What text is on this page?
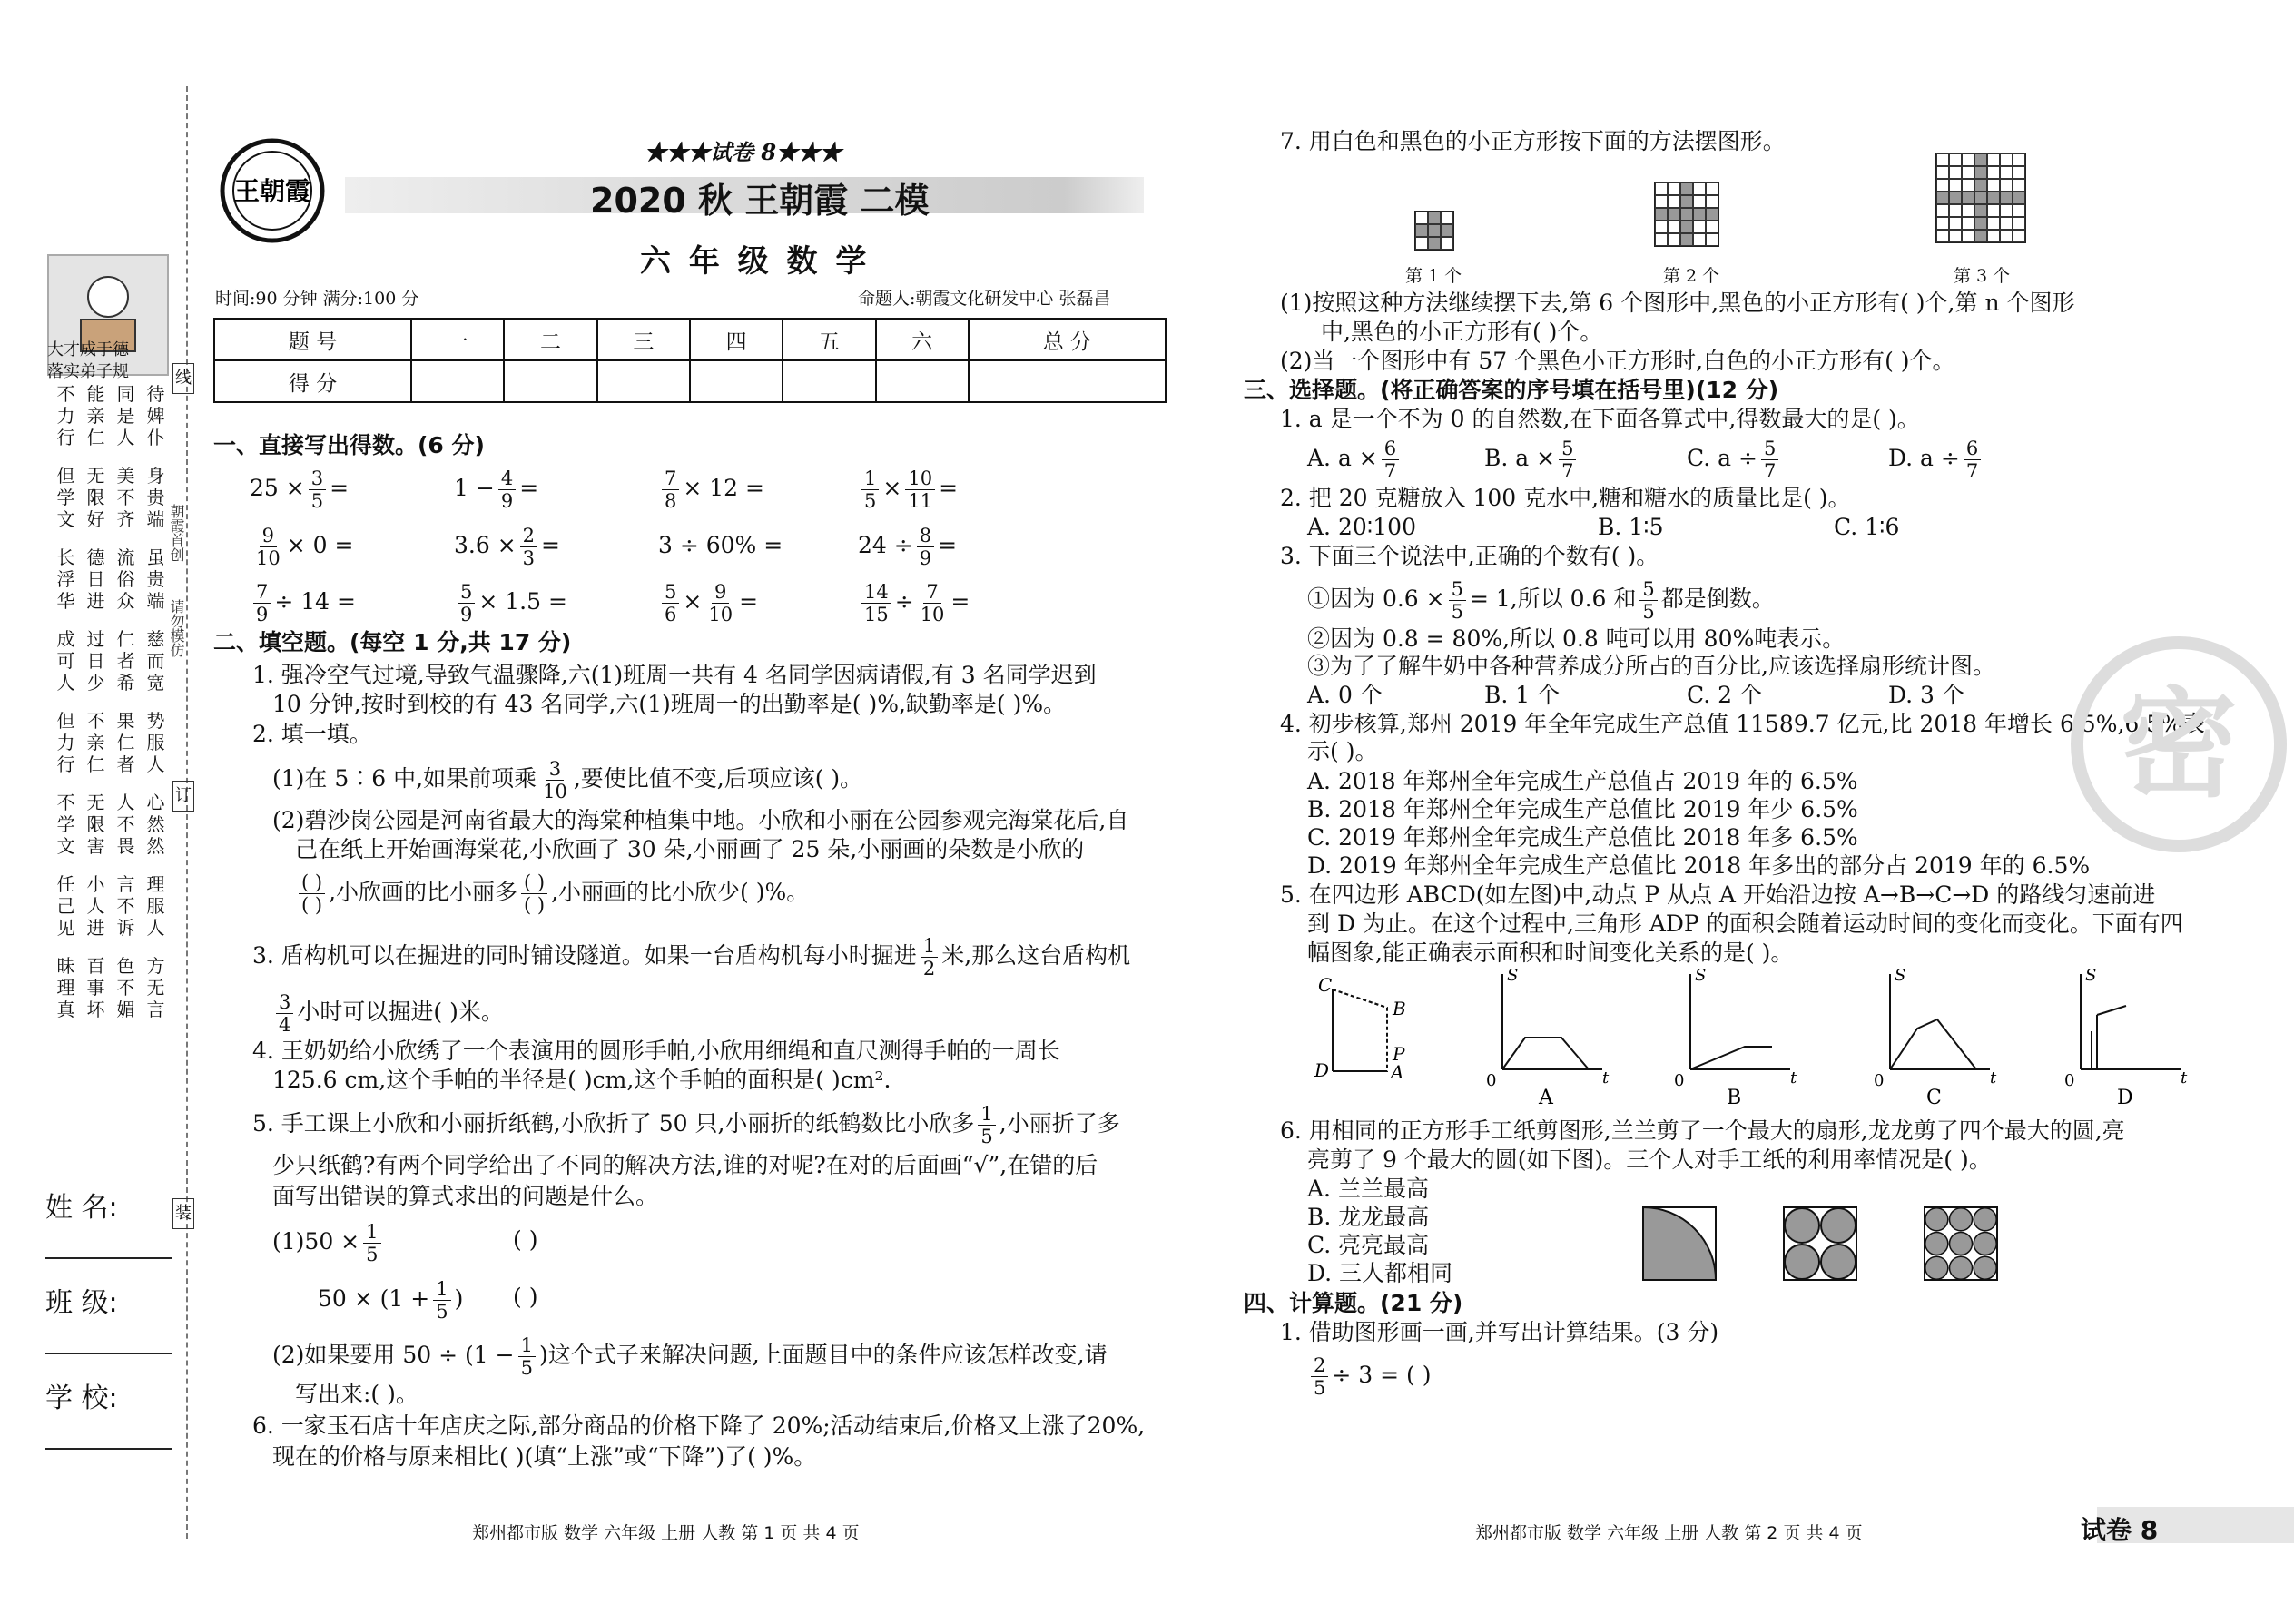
大才成于德
落实弟子规
不 能 同 待
力 亲 是 婢
行 仁 人 仆
但 无 美 身
学 限 不 贵
文 好 齐 端
长 德 流 虽
浮 日 俗 贵
华 进 众 端
成 过 仁 慈
可 日 者 而
人 少 希 宽
但 不 果 势
力 亲 仁 服
行 仁 者 人
不 无 人 心
学 限 不 然
文 害 畏 然
任 小 言 理
己 人 不 服
见 进 诉 人
昧 百 色 方
理 事 不 无
真 坏 媚 言
朝霞首创
请勿模仿
线
订
装
姓 名:
班 级:
学 校:
王朝霞
★★★试卷 8★★★
2020 秋 王朝霞 二模
六 年 级 数 学
时间:90 分钟 满分:100 分	命题人:朝霞文化研发中心 张磊昌
题 号	一	二	三	四	五	六	总 分
得 分							
一、直接写出得数。(6 分)
$25 \times \frac{3}{5}$ =	$1 - \frac{4}{9}$ =	$\frac{7}{8} \times 12$ =	$\frac{1}{5} \times \frac{10}{11}$ =
$\frac{9}{10} \times 0$ =	$3.6 \times \frac{2}{3}$ =	3 ÷ 60% =	$24 \div \frac{8}{9}$ =
$\frac{7}{9} \div 14$ =	$\frac{5}{9} \times 1.5$ =	$\frac{5}{6} \times \frac{9}{10}$ =	$\frac{14}{15} \div \frac{7}{10}$ =
二、填空题。(每空 1 分,共 17 分)
1. 强冷空气过境,导致气温骤降,六(1)班周一共有 4 名同学因病请假,有 3 名同学迟到
10 分钟,按时到校的有 43 名同学,六(1)班周一的出勤率是( )%,缺勤率是( )%。
2. 填一填。
(1)在 5∶6 中,如果前项乘 $\frac{3}{10}$ ,要使比值不变,后项应该( )。
(2)碧沙岗公园是河南省最大的海棠种植集中地。小欣和小丽在公园参观完海棠花后,自
己在纸上开始画海棠花,小欣画了 30 朵,小丽画了 25 朵,小丽画的朵数是小欣的
$\frac{( )}{( )}$ ,小欣画的比小丽多 $\frac{( )}{( )}$ ,小丽画的比小欣少( )%。
3. 盾构机可以在掘进的同时铺设隧道。如果一台盾构机每小时掘进 $\frac{1}{2}$ 米,那么这台盾构机
$\frac{3}{4}$ 小时可以掘进( )米。
4. 王奶奶给小欣绣了一个表演用的圆形手帕,小欣用细绳和直尺测得手帕的一周长
125.6 cm,这个手帕的半径是( )cm,这个手帕的面积是( )cm².
5. 手工课上小欣和小丽折纸鹤,小欣折了 50 只,小丽折的纸鹤数比小欣多 $\frac{1}{5}$ ,小丽折了多
少只纸鹤?有两个同学给出了不同的解决方法,谁的对呢?在对的后面画“√”,在错的后
面写出错误的算式求出的问题是什么。
$(1)50 \times \frac{1}{5}$	( )
$50 \times (1 + \frac{1}{5}$ ) ( )
(2)如果要用 $50 \div (1 - \frac{1}{5}$ )这个式子来解决问题,上面题目中的条件应该怎样改变,请
写出来:( )。
6. 一家玉石店十年店庆之际,部分商品的价格下降了 20%;活动结束后,价格又上涨了20%,
现在的价格与原来相比( )(填“上涨”或“下降”)了( )%。
7. 用白色和黑色的小正方形按下面的方法摆图形。
第 1 个	第 2 个	第 3 个
(1)按照这种方法继续摆下去,第 6 个图形中,黑色的小正方形有( )个,第 n 个图形
中,黑色的小正方形有( )个。
(2)当一个图形中有 57 个黑色小正方形时,白色的小正方形有( )个。
三、选择题。(将正确答案的序号填在括号里)(12 分)
1. a 是一个不为 0 的自然数,在下面各算式中,得数最大的是( )。
A. $a \times \frac{6}{7}$	B. $a \times \frac{5}{7}$	C. $a \div \frac{5}{7}$	D. $a \div \frac{6}{7}$
2. 把 20 克糖放入 100 克水中,糖和糖水的质量比是( )。
A. 20∶100	B. 1∶5	C. 1∶6
3. 下面三个说法中,正确的个数有( )。
①因为 $0.6 \times \frac{5}{5} = 1$,所以 0.6 和 $\frac{5}{5}$ 都是倒数。
②因为 0.8 = 80%,所以 0.8 吨可以用 80%吨表示。
③为了了解牛奶中各种营养成分所占的百分比,应该选择扇形统计图。
A. 0 个	B. 1 个	C. 2 个	D. 3 个
4. 初步核算,郑州 2019 年全年完成生产总值 11589.7 亿元,比 2018 年增长 6.5%,6.5%表
示( )。
A. 2018 年郑州全年完成生产总值占 2019 年的 6.5%
B. 2018 年郑州全年完成生产总值比 2019 年少 6.5%
C. 2019 年郑州全年完成生产总值比 2018 年多 6.5%
D. 2019 年郑州全年完成生产总值比 2018 年多出的部分占 2019 年的 6.5%
5. 在四边形 ABCD(如左图)中,动点 P 从点 A 开始沿边按 A→B→C→D 的路线匀速前进
到 D 为止。在这个过程中,三角形 ADP 的面积会随着运动时间的变化而变化。下面有四
幅图象,能正确表示面积和时间变化关系的是( )。
C
B
P
D	A
S
t
0
A
S
t
0
B
S
t
0
C
S
t
0
D
6. 用相同的正方形手工纸剪图形,兰兰剪了一个最大的扇形,龙龙剪了四个最大的圆,亮
亮剪了 9 个最大的圆(如下图)。三个人对手工纸的利用率情况是( )。
A. 兰兰最高
B. 龙龙最高
C. 亮亮最高
D. 三人都相同
四、计算题。(21 分)
1. 借助图形画一画,并写出计算结果。(3 分)
$\frac{2}{5} \div 3$ = ( )
密
郑州都市版 数学 六年级 上册 人教 第 1 页 共 4 页	郑州都市版 数学 六年级 上册 人教 第 2 页 共 4 页	试卷 8
